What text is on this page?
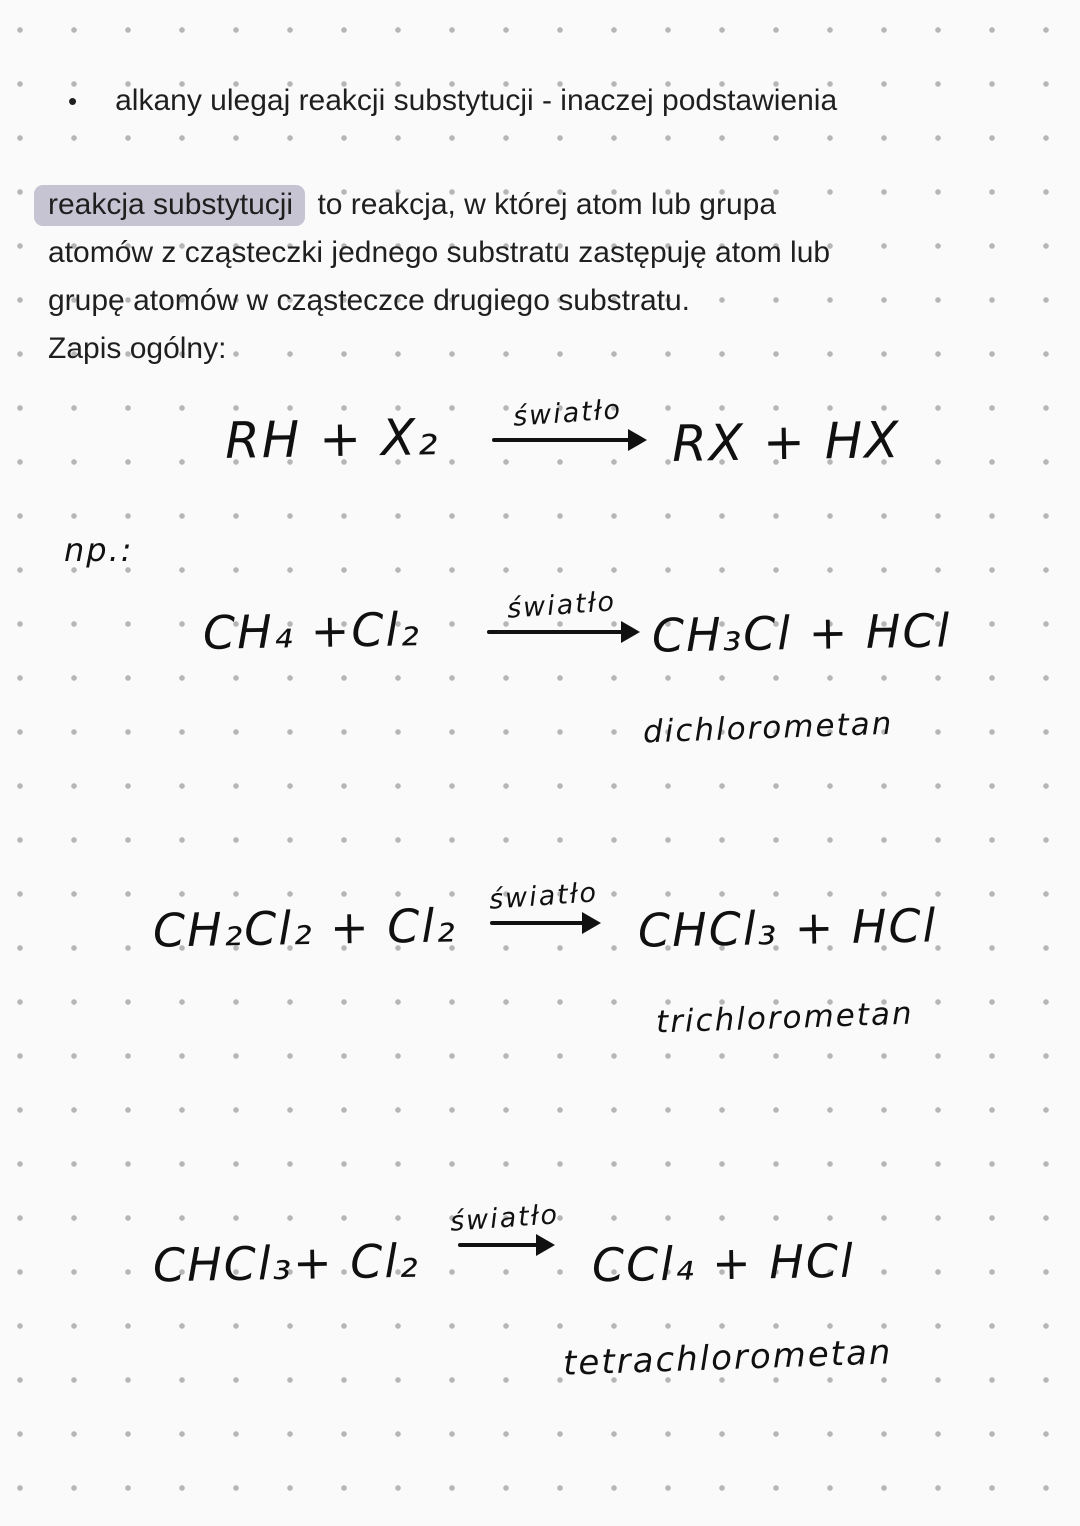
• alkany ulegaj reakcji substytucji - inaczej podstawienia
reakcja substytucji to reakcja, w której atom lub grupa
atomów z cząsteczki jednego substratu zastępuję atom lub
grupę atomów w cząsteczce drugiego substratu.
Zapis ogólny:
RH + X₂	światło RX + HX
np.:
CH₄ +Cl₂	światło CH₃Cl + HCl
dichlorometan
CH₂Cl₂ + Cl₂
światło
CHCl₃ + HCl
trichlorometan
CHCl₃+ Cl₂
światło
CCl₄ + HCl
tetrachlorometan
